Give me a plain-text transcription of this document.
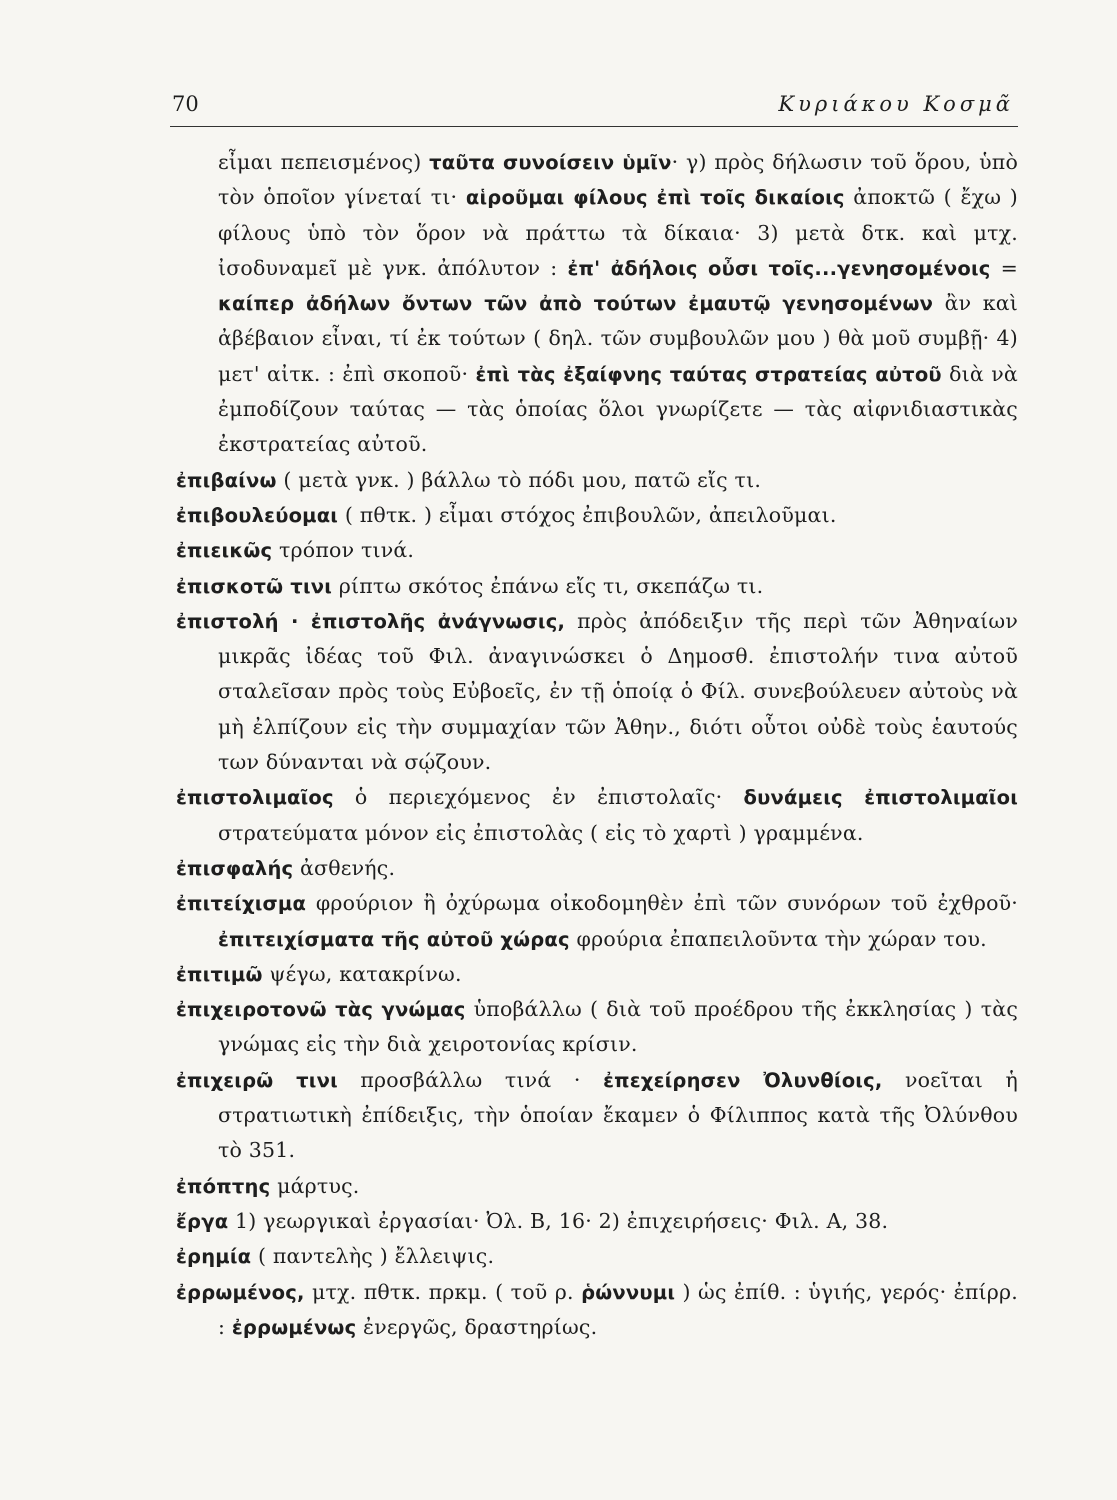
70	Κυριάκου Κοσμᾶ

εἶμαι πεπεισμένος) ταῦτα συνοίσειν ὑμῖν· γ) πρὸς δήλωσιν τοῦ ὅρου, ὑπὸ τὸν ὁποῖον γίνεταί τι· αἱροῦμαι φίλους ἐπὶ τοῖς δικαίοις ἀποκτῶ ( ἔχω ) φίλους ὑπὸ τὸν ὅρον νὰ πράττω τὰ δίκαια· 3) μετὰ δτκ. καὶ μτχ. ἰσοδυναμεῖ μὲ γνκ. ἀπόλυτον : ἐπ' ἀδήλοις οὖσι τοῖς...γενησομένοις = καίπερ ἀδήλων ὄντων τῶν ἀπὸ τούτων ἐμαυτῷ γενησομένων ἂν καὶ ἀβέβαιον εἶναι, τί ἐκ τούτων ( δηλ. τῶν συμβουλῶν μου ) θὰ μοῦ συμβῇ· 4) μετ' αἰτκ. : ἐπὶ σκοποῦ· ἐπὶ τὰς ἐξαίφνης ταύτας στρατείας αὐτοῦ διὰ νὰ ἐμποδίζουν ταύτας — τὰς ὁποίας ὅλοι γνωρίζετε — τὰς αἰφνιδιαστικὰς ἐκστρατείας αὐτοῦ.

ἐπιβαίνω ( μετὰ γνκ. ) βάλλω τὸ πόδι μου, πατῶ εἴς τι.

ἐπιβουλεύομαι ( πθτκ. ) εἶμαι στόχος ἐπιβουλῶν, ἀπειλοῦμαι.

ἐπιεικῶς τρόπον τινά.

ἐπισκοτῶ τινι ρίπτω σκότος ἐπάνω εἴς τι, σκεπάζω τι.

ἐπιστολή · ἐπιστολῆς ἀνάγνωσις, πρὸς ἀπόδειξιν τῆς περὶ τῶν Ἀθηναίων μικρᾶς ἰδέας τοῦ Φιλ. ἀναγινώσκει ὁ Δημοσθ. ἐπιστολήν τινα αὐτοῦ σταλεῖσαν πρὸς τοὺς Εὐβοεῖς, ἐν τῇ ὁποίᾳ ὁ Φίλ. συνεβούλευεν αὐτοὺς νὰ μὴ ἐλπίζουν εἰς τὴν συμμαχίαν τῶν Ἀθην., διότι οὗτοι οὐδὲ τοὺς ἑαυτούς των δύνανται νὰ σῴζουν.

ἐπιστολιμαῖος ὁ περιεχόμενος ἐν ἐπιστολαῖς· δυνάμεις ἐπιστολιμαῖοι στρατεύματα μόνον εἰς ἐπιστολὰς ( εἰς τὸ χαρτὶ ) γραμμένα.

ἐπισφαλής ἀσθενής.

ἐπιτείχισμα φρούριον ἢ ὀχύρωμα οἰκοδομηθὲν ἐπὶ τῶν συνόρων τοῦ ἐχθροῦ· ἐπιτειχίσματα τῆς αὐτοῦ χώρας φρούρια ἐπαπειλοῦντα τὴν χώραν του.

ἐπιτιμῶ ψέγω, κατακρίνω.

ἐπιχειροτονῶ τὰς γνώμας ὑποβάλλω ( διὰ τοῦ προέδρου τῆς ἐκκλησίας ) τὰς γνώμας εἰς τὴν διὰ χειροτονίας κρίσιν.

ἐπιχειρῶ τινι προσβάλλω τινά · ἐπεχείρησεν Ὀλυνθίοις, νοεῖται ἡ στρατιωτικὴ ἐπίδειξις, τὴν ὁποίαν ἔκαμεν ὁ Φίλιππος κατὰ τῆς Ὀλύνθου τὸ 351.

ἐπόπτης μάρτυς.

ἔργα 1) γεωργικαὶ ἐργασίαι· Ὀλ. Β, 16· 2) ἐπιχειρήσεις· Φιλ. Α, 38.

ἐρημία ( παντελὴς ) ἔλλειψις.

ἐρρωμένος, μτχ. πθτκ. πρκμ. ( τοῦ ρ. ῥώννυμι ) ὡς ἐπίθ. : ὑγιής, γερός· ἐπίρρ. : ἐρρωμένως ἐνεργῶς, δραστηρίως.
